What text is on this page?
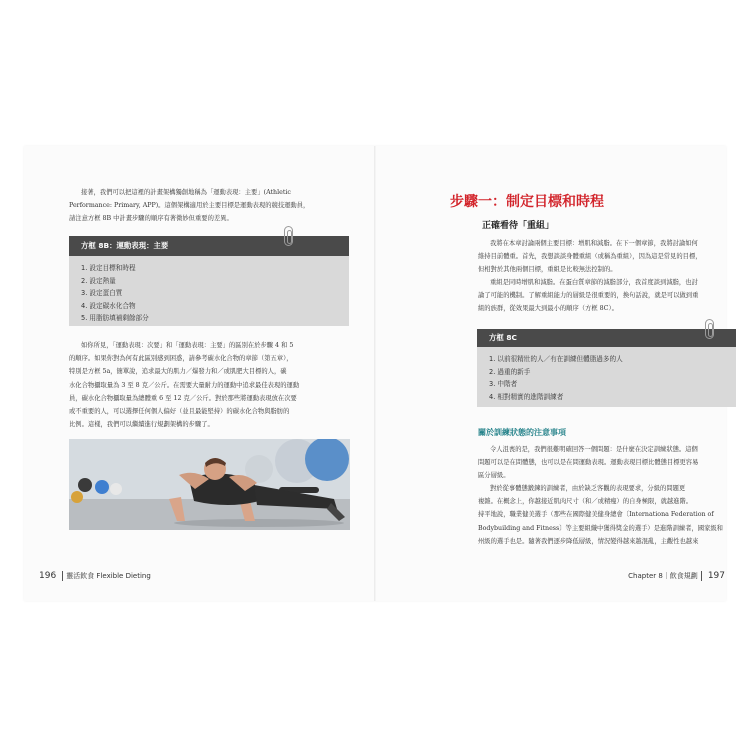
接著，我們可以把這裡的計畫架構獨創地稱為「運動表現：主要」(Athletic
Performance: Primary, APP)。這個架構適用於主要目標是運動表現的競技運動員，
請注意方框 8B 中計畫步驟的順序有著微妙但重要的差異。
方框 8B：運動表現：主要
1. 設定目標和時程
2. 設定熱量
3. 設定蛋白質
4. 設定碳水化合物
5. 用脂肪填補剩餘部分
如你所見，「運動表現：次要」和「運動表現：主要」的區別在於步驟 4 和 5
的順序。如果你對為何有此區別感到困惑，請參考碳水化合物的章節（第五章），
特別是方框 5a，簡單說，追求最大的肌力／爆發力和／或肌肥大目標的人，碳
水化合物攝取量為 3 至 8 克／公斤。在需要大量耐力的運動中追求最佳表現的運動
員，碳水化合物攝取量為總體重 6 至 12 克／公斤。對於那些將運動表現放在次要
或不重要的人，可以選擇任何個人偏好（並且最能堅持）的碳水化合物與脂肪的
比例。這樣，我們可以繼續進行規劃架構的步驟了。
196	靈活飲食 Flexible Dieting
步驟一：制定目標和時程
正確看待「重組」
我將在本章討論兩個主要目標：增肌和減脂。在下一個章節，我將討論如何
維持目前體重。首先，我想談談身體重組（或稱為重組），因為這是常見的目標，
但相對於其他兩個目標，重組是比較無法控制的。
重組是同時增肌和減脂。在蛋白質章節的減脂部分，我首度談到減脂，也討
論了可能的機制。了解重組能力的層級是很重要的，換句話說，就是可以做到重
組的族群，從效果最大到最小的順序（方框 8C）。
方框 8C
1. 以前很精壯的人／有在訓練但體脂過多的人
2. 過重的新手
3. 中階者
4. 相對精實的進階訓練者
關於訓練狀態的注意事項
令人沮喪的是，我們很難明確回答一個問題：是什麼在決定訓練狀態。這個
問題可以是在問體態，也可以是在問運動表現。運動表現目標比體態目標更容易
區分層級。
對於從事體態鍛鍊的訓練者，由於缺乏客觀的表現要求，分級的問題更
複雜。在概念上，你越接近肌肉尺寸（和／或精瘦）的自身極限，就越進階。
持平地說，職業健美選手（那些在國際健美健身總會〔Internationa Federation of
Bodybuilding and Fitness〕等主要組織中獲得獎金的選手）是進階訓練者，國家級和
州級的選手也是。隨著我們逐步降低層級，情況變得越來越混亂，主觀性也越來
Chapter 8｜飲食規劃	197
